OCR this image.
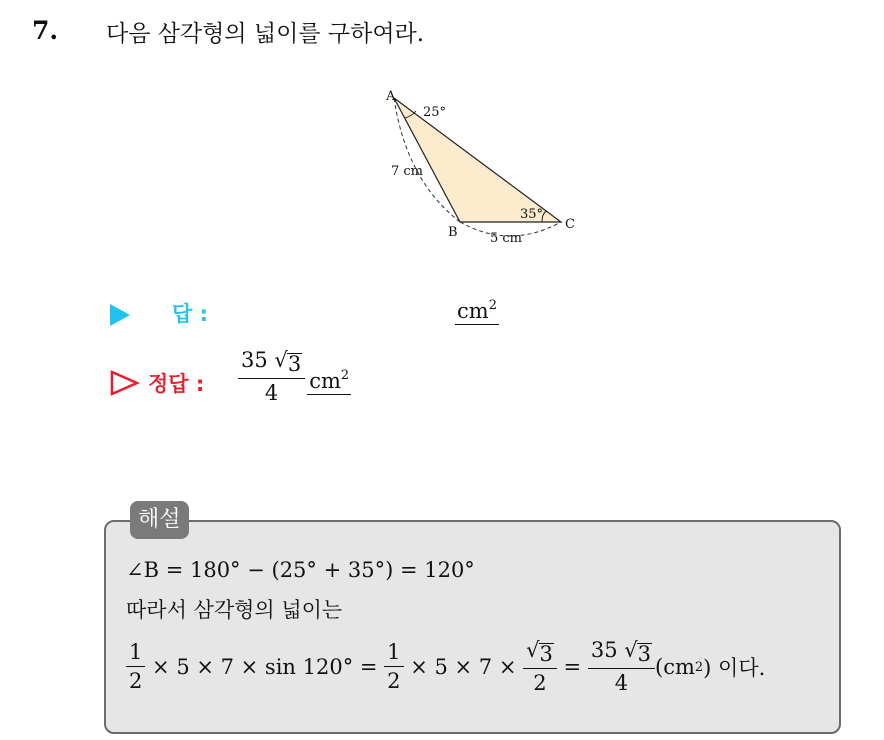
7. 다음 삼각형의 넓이를 구하여라.
A
25°
7 cm
35°
B
C
5 cm
답 :	$cm^2$
정답 : $\frac{35 √ 3}{4} cm^2$
해설
∠B = 180° − (25° + 35°) = 120°
따라서 삼각형의 넓이는
$\frac{1}{2} \times 5 \times 7 \times \sin 120^\circ = \frac{1}{2} \times 5 \times 7 \times \frac{√ 3}{2} = \frac{35 √ 3}{4} (cm$ 2 ) 이다.
